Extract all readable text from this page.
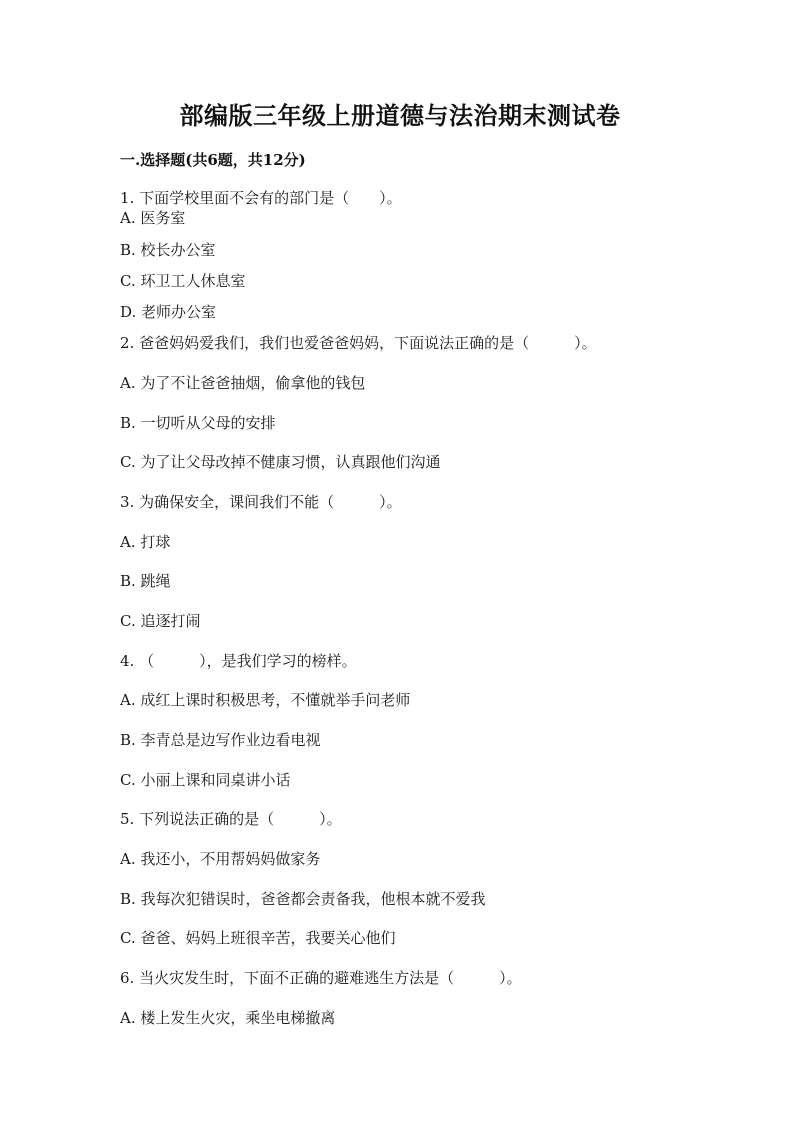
部编版三年级上册道德与法治期末测试卷
一.选择题(共6题，共12分)
1. 下面学校里面不会有的部门是（　　）。
A. 医务室
B. 校长办公室
C. 环卫工人休息室
D. 老师办公室
2. 爸爸妈妈爱我们，我们也爱爸爸妈妈，下面说法正确的是（　　　）。
A. 为了不让爸爸抽烟，偷拿他的钱包
B. 一切听从父母的安排
C. 为了让父母改掉不健康习惯，认真跟他们沟通
3. 为确保安全，课间我们不能（　　　）。
A. 打球
B. 跳绳
C. 追逐打闹
4. （　　　），是我们学习的榜样。
A. 成红上课时积极思考，不懂就举手问老师
B. 李青总是边写作业边看电视
C. 小丽上课和同桌讲小话
5. 下列说法正确的是（　　　）。
A. 我还小，不用帮妈妈做家务
B. 我每次犯错误时，爸爸都会责备我，他根本就不爱我
C. 爸爸、妈妈上班很辛苦，我要关心他们
6. 当火灾发生时，下面不正确的避难逃生方法是（　　　）。
A. 楼上发生火灾，乘坐电梯撤离
